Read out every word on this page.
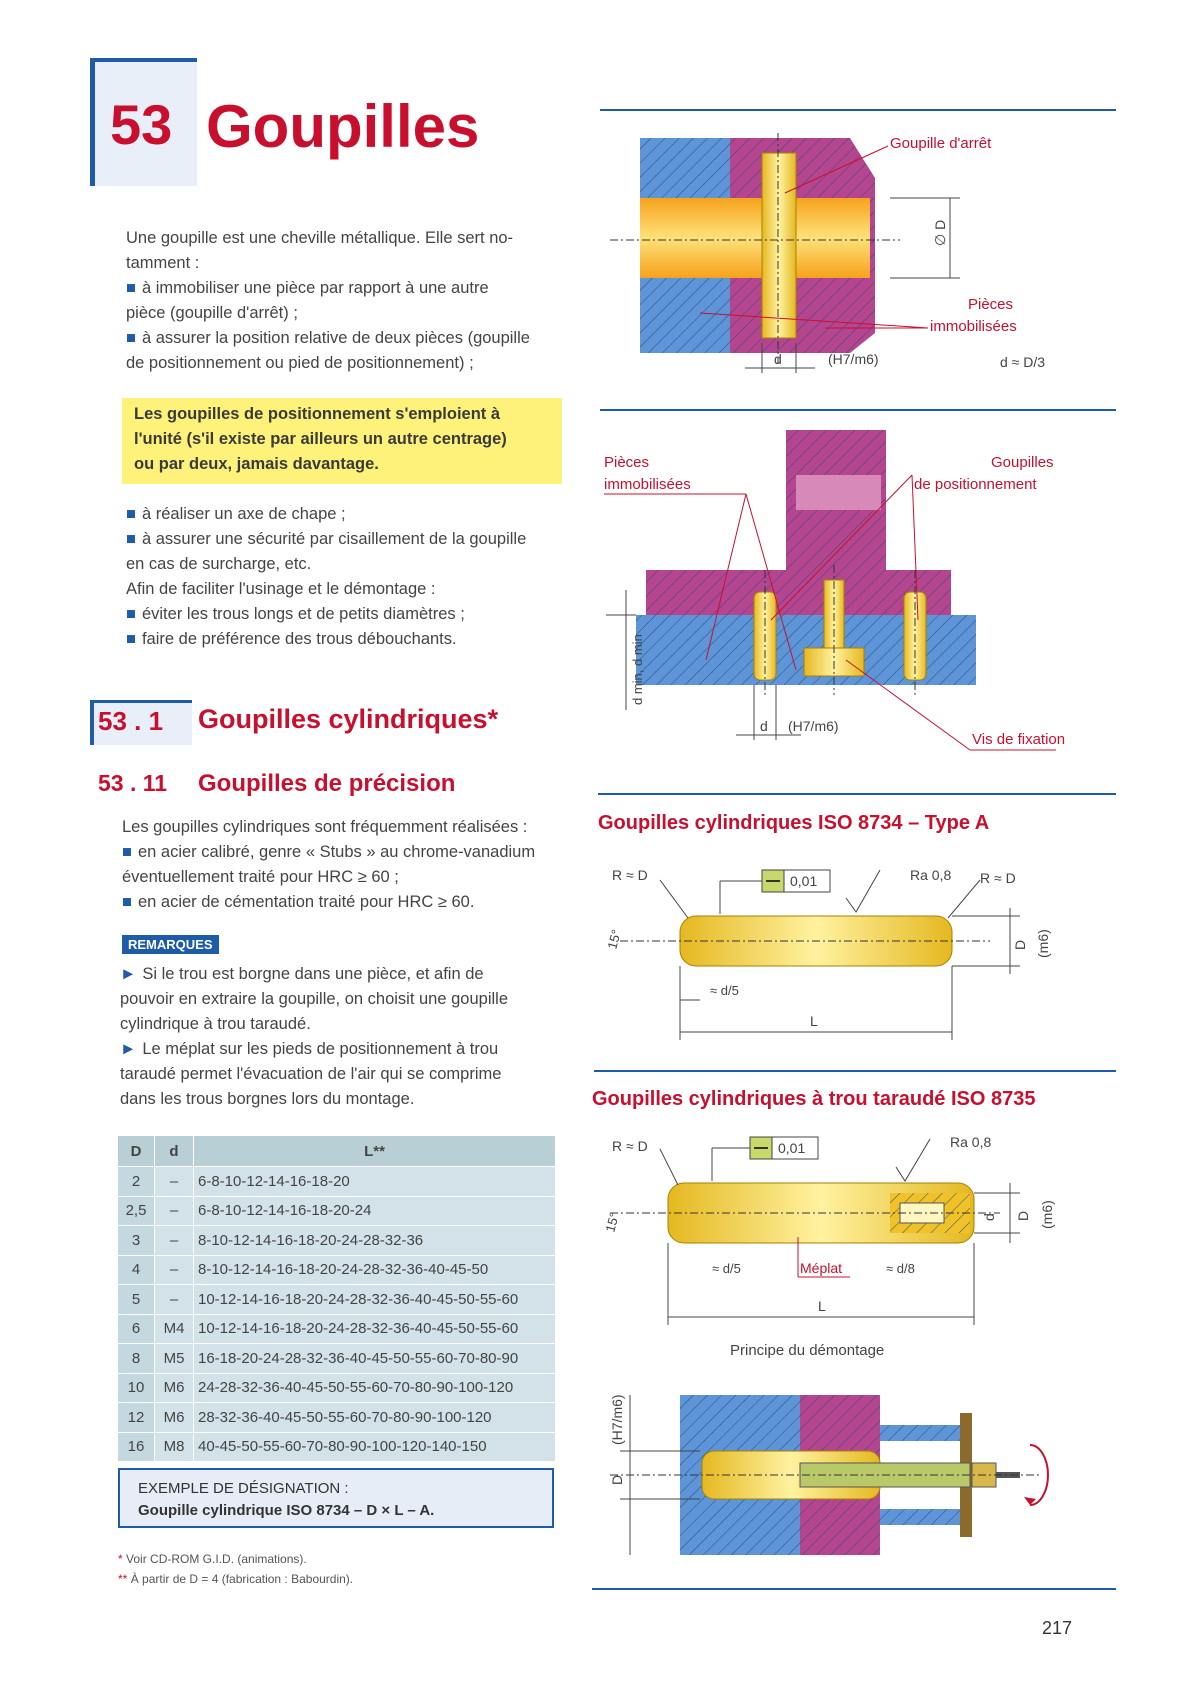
53 Goupilles
Une goupille est une cheville métallique. Elle sert no-
tamment :
■ à immobiliser une pièce par rapport à une autre
pièce (goupille d'arrêt) ;
■ à assurer la position relative de deux pièces (goupille
de positionnement ou pied de positionnement) ;
Les goupilles de positionnement s'emploient à
l'unité (s'il existe par ailleurs un autre centrage)
ou par deux, jamais davantage.
■ à réaliser un axe de chape ;
■ à assurer une sécurité par cisaillement de la goupille
en cas de surcharge, etc.
Afin de faciliter l'usinage et le démontage :
■ éviter les trous longs et de petits diamètres ;
■ faire de préférence des trous débouchants.
53 . 1 Goupilles cylindriques*
53 . 11 Goupilles de précision
Les goupilles cylindriques sont fréquemment réalisées :
■ en acier calibré, genre « Stubs » au chrome-vanadium
éventuellement traité pour HRC ≥ 60 ;
■ en acier de cémentation traité pour HRC ≥ 60.
REMARQUES
► Si le trou est borgne dans une pièce, et afin de
pouvoir en extraire la goupille, on choisit une goupille
cylindrique à trou taraudé.
► Le méplat sur les pieds de positionnement à trou
taraudé permet l'évacuation de l'air qui se comprime
dans les trous borgnes lors du montage.
D	d	L**
2	–	6-8-10-12-14-16-18-20
2,5	–	6-8-10-12-14-16-18-20-24
3	–	8-10-12-14-16-18-20-24-28-32-36
4	–	8-10-12-14-16-18-20-24-28-32-36-40-45-50
5	–	10-12-14-16-18-20-24-28-32-36-40-45-50-55-60
6	M4	10-12-14-16-18-20-24-28-32-36-40-45-50-55-60
8	M5	16-18-20-24-28-32-36-40-45-50-55-60-70-80-90
10	M6	24-28-32-36-40-45-50-55-60-70-80-90-100-120
12	M6	28-32-36-40-45-50-55-60-70-80-90-100-120
16	M8	40-45-50-55-60-70-80-90-100-120-140-150
EXEMPLE DE DÉSIGNATION :
Goupille cylindrique ISO 8734 – D × L – A.
* Voir CD-ROM G.I.D. (animations).
** À partir de D = 4 (fabrication : Babourdin).
∅ D
d	(H7/m6)	d ≈ D/3
Goupille d'arrêt
Pièces
immobilisées
d min, d min
d (H7/m6)
Pièces
immobilisées
Goupilles
de positionnement
Vis de fixation
Goupilles cylindriques ISO 8734 – Type A
D (m6)
L
≈ d/5
15°
R ≈ D	R ≈ D
0,01	Ra 0,8
Goupilles cylindriques à trou taraudé ISO 8735
d D (m6)
L
≈ d/5	≈ d/8
Méplat
15°
R ≈ D	0,01	Ra 0,8
Principe du démontage
D
(H7/m6)
217
